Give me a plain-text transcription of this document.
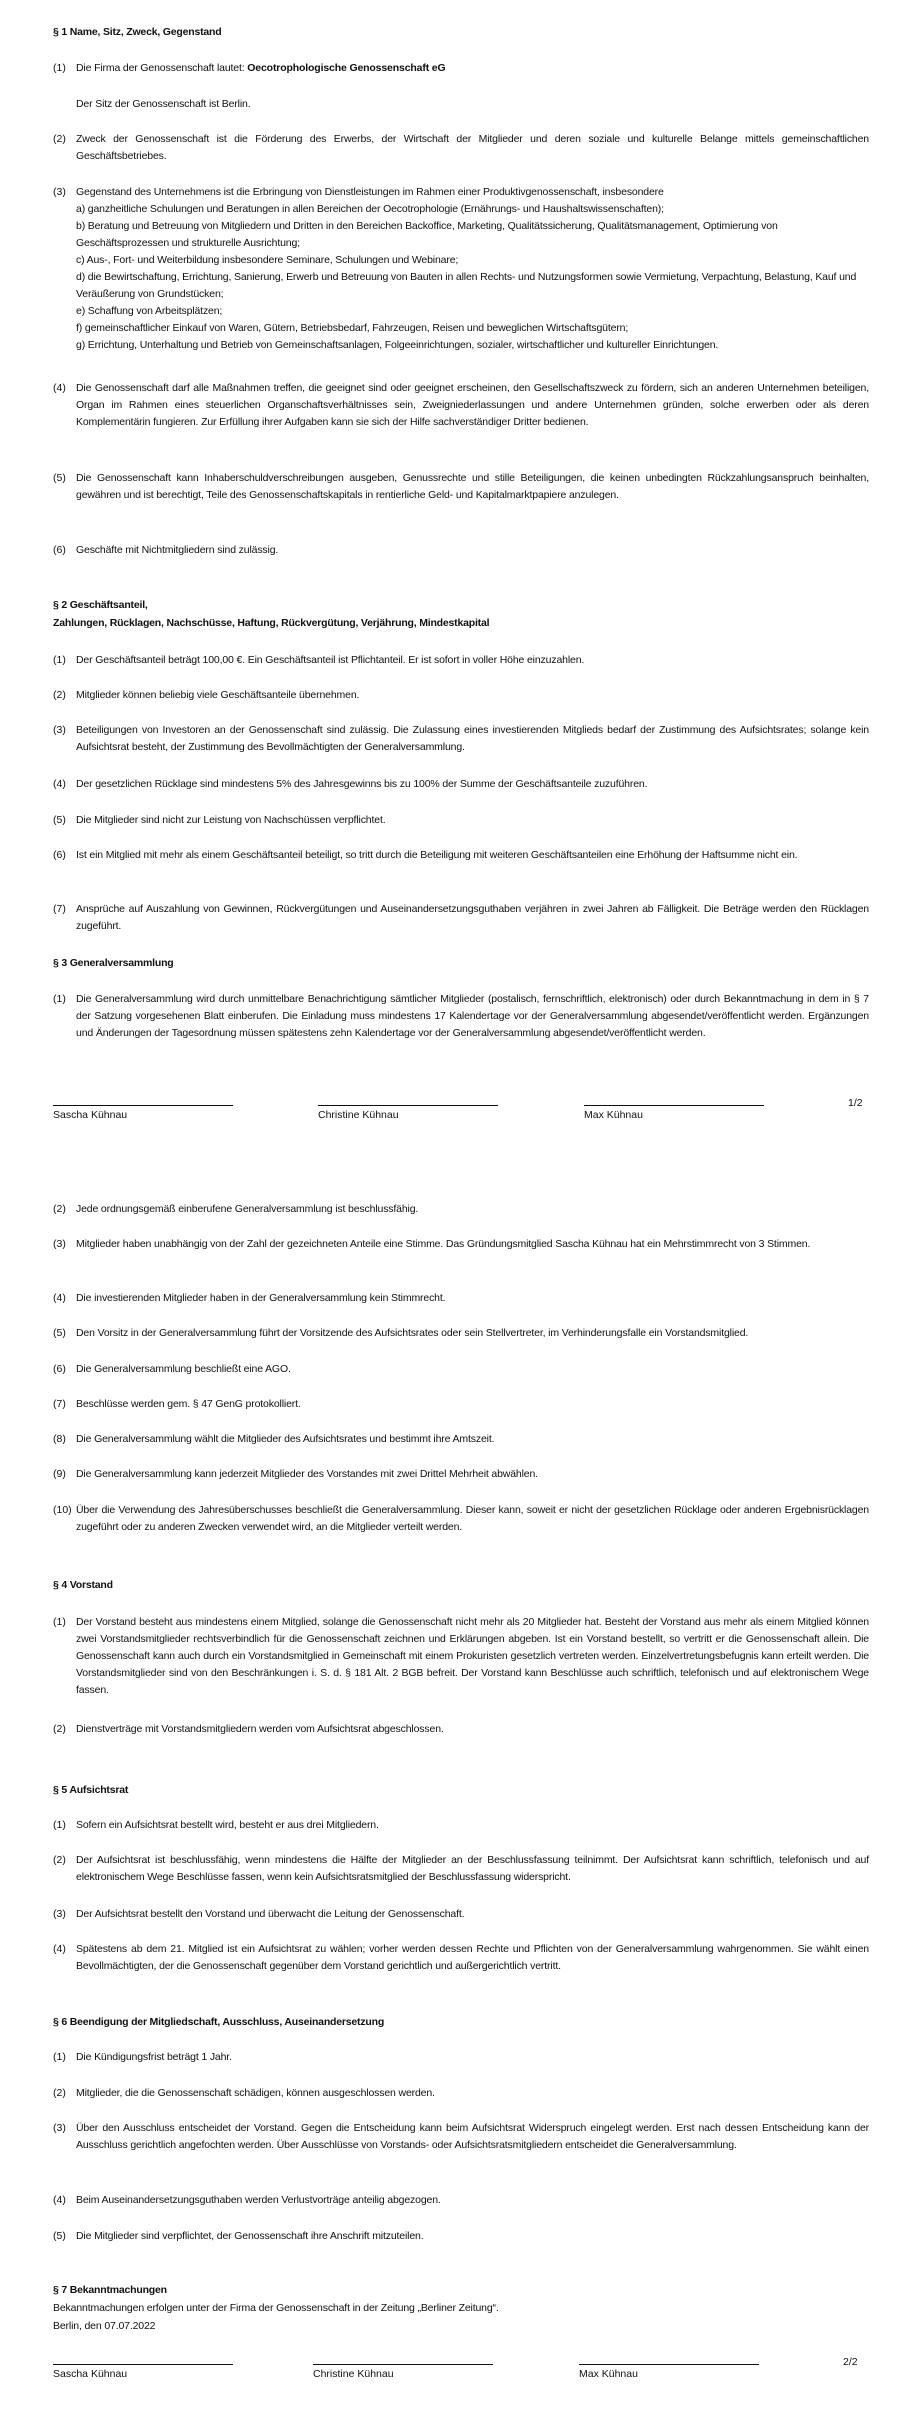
§ 1 Name, Sitz, Zweck, Gegenstand
(1) Die Firma der Genossenschaft lautet: Oecotrophologische Genossenschaft eG
Der Sitz der Genossenschaft ist Berlin.
(2) Zweck der Genossenschaft ist die Förderung des Erwerbs, der Wirtschaft der Mitglieder und deren soziale und kulturelle Belange mittels gemeinschaftlichen Geschäftsbetriebes.
(3) Gegenstand des Unternehmens ist die Erbringung von Dienstleistungen im Rahmen einer Produktivgenossenschaft, insbesondere
a) ganzheitliche Schulungen und Beratungen in allen Bereichen der Oecotrophologie (Ernährungs- und Haushaltswissenschaften);
b) Beratung und Betreuung von Mitgliedern und Dritten in den Bereichen Backoffice, Marketing, Qualitätssicherung, Qualitätsmanagement, Optimierung von Geschäftsprozessen und strukturelle Ausrichtung;
c) Aus-, Fort- und Weiterbildung insbesondere Seminare, Schulungen und Webinare;
d) die Bewirtschaftung, Errichtung, Sanierung, Erwerb und Betreuung von Bauten in allen Rechts- und Nutzungsformen sowie Vermietung, Verpachtung, Belastung, Kauf und Veräußerung von Grundstücken;
e) Schaffung von Arbeitsplätzen;
f) gemeinschaftlicher Einkauf von Waren, Gütern, Betriebsbedarf, Fahrzeugen, Reisen und beweglichen Wirtschaftsgütern;
g) Errichtung, Unterhaltung und Betrieb von Gemeinschaftsanlagen, Folgeeinrichtungen, sozialer, wirtschaftlicher und kultureller Einrichtungen.
(4) Die Genossenschaft darf alle Maßnahmen treffen, die geeignet sind oder geeignet erscheinen, den Gesellschaftszweck zu fördern, sich an anderen Unternehmen beteiligen, Organ im Rahmen eines steuerlichen Organschaftsverhältnisses sein, Zweigniederlassungen und andere Unternehmen gründen, solche erwerben oder als deren Komplementärin fungieren. Zur Erfüllung ihrer Aufgaben kann sie sich der Hilfe sachverständiger Dritter bedienen.
(5) Die Genossenschaft kann Inhaberschuldverschreibungen ausgeben, Genussrechte und stille Beteiligungen, die keinen unbedingten Rückzahlungsanspruch beinhalten, gewähren und ist berechtigt, Teile des Genossenschaftskapitals in rentierliche Geld- und Kapitalmarktpapiere anzulegen.
(6) Geschäfte mit Nichtmitgliedern sind zulässig.
§ 2 Geschäftsanteil,
Zahlungen, Rücklagen, Nachschüsse, Haftung, Rückvergütung, Verjährung, Mindestkapital
(1) Der Geschäftsanteil beträgt 100,00 €. Ein Geschäftsanteil ist Pflichtanteil. Er ist sofort in voller Höhe einzuzahlen.
(2) Mitglieder können beliebig viele Geschäftsanteile übernehmen.
(3) Beteiligungen von Investoren an der Genossenschaft sind zulässig. Die Zulassung eines investierenden Mitglieds bedarf der Zustimmung des Aufsichtsrates; solange kein Aufsichtsrat besteht, der Zustimmung des Bevollmächtigten der Generalversammlung.
(4) Der gesetzlichen Rücklage sind mindestens 5% des Jahresgewinns bis zu 100% der Summe der Geschäftsanteile zuzuführen.
(5) Die Mitglieder sind nicht zur Leistung von Nachschüssen verpflichtet.
(6) Ist ein Mitglied mit mehr als einem Geschäftsanteil beteiligt, so tritt durch die Beteiligung mit weiteren Geschäftsanteilen eine Erhöhung der Haftsumme nicht ein.
(7) Ansprüche auf Auszahlung von Gewinnen, Rückvergütungen und Auseinandersetzungsguthaben verjähren in zwei Jahren ab Fälligkeit. Die Beträge werden den Rücklagen zugeführt.
§ 3 Generalversammlung
(1) Die Generalversammlung wird durch unmittelbare Benachrichtigung sämtlicher Mitglieder (postalisch, fernschriftlich, elektronisch) oder durch Bekanntmachung in dem in § 7 der Satzung vorgesehenen Blatt einberufen. Die Einladung muss mindestens 17 Kalendertage vor der Generalversammlung abgesendet/veröffentlicht werden. Ergänzungen und Änderungen der Tagesordnung müssen spätestens zehn Kalendertage vor der Generalversammlung abgesendet/veröffentlicht werden.
Sascha Kühnau	Christine Kühnau	Max Kühnau
1/2
(2) Jede ordnungsgemäß einberufene Generalversammlung ist beschlussfähig.
(3) Mitglieder haben unabhängig von der Zahl der gezeichneten Anteile eine Stimme. Das Gründungsmitglied Sascha Kühnau hat ein Mehrstimmrecht von 3 Stimmen.
(4) Die investierenden Mitglieder haben in der Generalversammlung kein Stimmrecht.
(5) Den Vorsitz in der Generalversammlung führt der Vorsitzende des Aufsichtsrates oder sein Stellvertreter, im Verhinderungsfalle ein Vorstandsmitglied.
(6) Die Generalversammlung beschließt eine AGO.
(7) Beschlüsse werden gem. § 47 GenG protokolliert.
(8) Die Generalversammlung wählt die Mitglieder des Aufsichtsrates und bestimmt ihre Amtszeit.
(9) Die Generalversammlung kann jederzeit Mitglieder des Vorstandes mit zwei Drittel Mehrheit abwählen.
(10) Über die Verwendung des Jahresüberschusses beschließt die Generalversammlung. Dieser kann, soweit er nicht der gesetzlichen Rücklage oder anderen Ergebnisrücklagen zugeführt oder zu anderen Zwecken verwendet wird, an die Mitglieder verteilt werden.
§ 4 Vorstand
(1) Der Vorstand besteht aus mindestens einem Mitglied, solange die Genossenschaft nicht mehr als 20 Mitglieder hat. Besteht der Vorstand aus mehr als einem Mitglied können zwei Vorstandsmitglieder rechtsverbindlich für die Genossenschaft zeichnen und Erklärungen abgeben. Ist ein Vorstand bestellt, so vertritt er die Genossenschaft allein. Die Genossenschaft kann auch durch ein Vorstandsmitglied in Gemeinschaft mit einem Prokuristen gesetzlich vertreten werden. Einzelvertretungsbefugnis kann erteilt werden. Die Vorstandsmitglieder sind von den Beschränkungen i. S. d. § 181 Alt. 2 BGB befreit. Der Vorstand kann Beschlüsse auch schriftlich, telefonisch und auf elektronischem Wege fassen.
(2) Dienstverträge mit Vorstandsmitgliedern werden vom Aufsichtsrat abgeschlossen.
§ 5 Aufsichtsrat
(1) Sofern ein Aufsichtsrat bestellt wird, besteht er aus drei Mitgliedern.
(2) Der Aufsichtsrat ist beschlussfähig, wenn mindestens die Hälfte der Mitglieder an der Beschlussfassung teilnimmt. Der Aufsichtsrat kann schriftlich, telefonisch und auf elektronischem Wege Beschlüsse fassen, wenn kein Aufsichtsratsmitglied der Beschlussfassung widerspricht.
(3) Der Aufsichtsrat bestellt den Vorstand und überwacht die Leitung der Genossenschaft.
(4) Spätestens ab dem 21. Mitglied ist ein Aufsichtsrat zu wählen; vorher werden dessen Rechte und Pflichten von der Generalversammlung wahrgenommen. Sie wählt einen Bevollmächtigten, der die Genossenschaft gegenüber dem Vorstand gerichtlich und außergerichtlich vertritt.
§ 6 Beendigung der Mitgliedschaft, Ausschluss, Auseinandersetzung
(1) Die Kündigungsfrist beträgt 1 Jahr.
(2) Mitglieder, die die Genossenschaft schädigen, können ausgeschlossen werden.
(3) Über den Ausschluss entscheidet der Vorstand. Gegen die Entscheidung kann beim Aufsichtsrat Widerspruch eingelegt werden. Erst nach dessen Entscheidung kann der Ausschluss gerichtlich angefochten werden. Über Ausschlüsse von Vorstands- oder Aufsichtsratsmitgliedern entscheidet die Generalversammlung.
(4) Beim Auseinandersetzungsguthaben werden Verlustvorträge anteilig abgezogen.
(5) Die Mitglieder sind verpflichtet, der Genossenschaft ihre Anschrift mitzuteilen.
§ 7 Bekanntmachungen
Bekanntmachungen erfolgen unter der Firma der Genossenschaft in der Zeitung „Berliner Zeitung“.
Berlin, den 07.07.2022
Sascha Kühnau	Christine Kühnau	Max Kühnau
2/2
